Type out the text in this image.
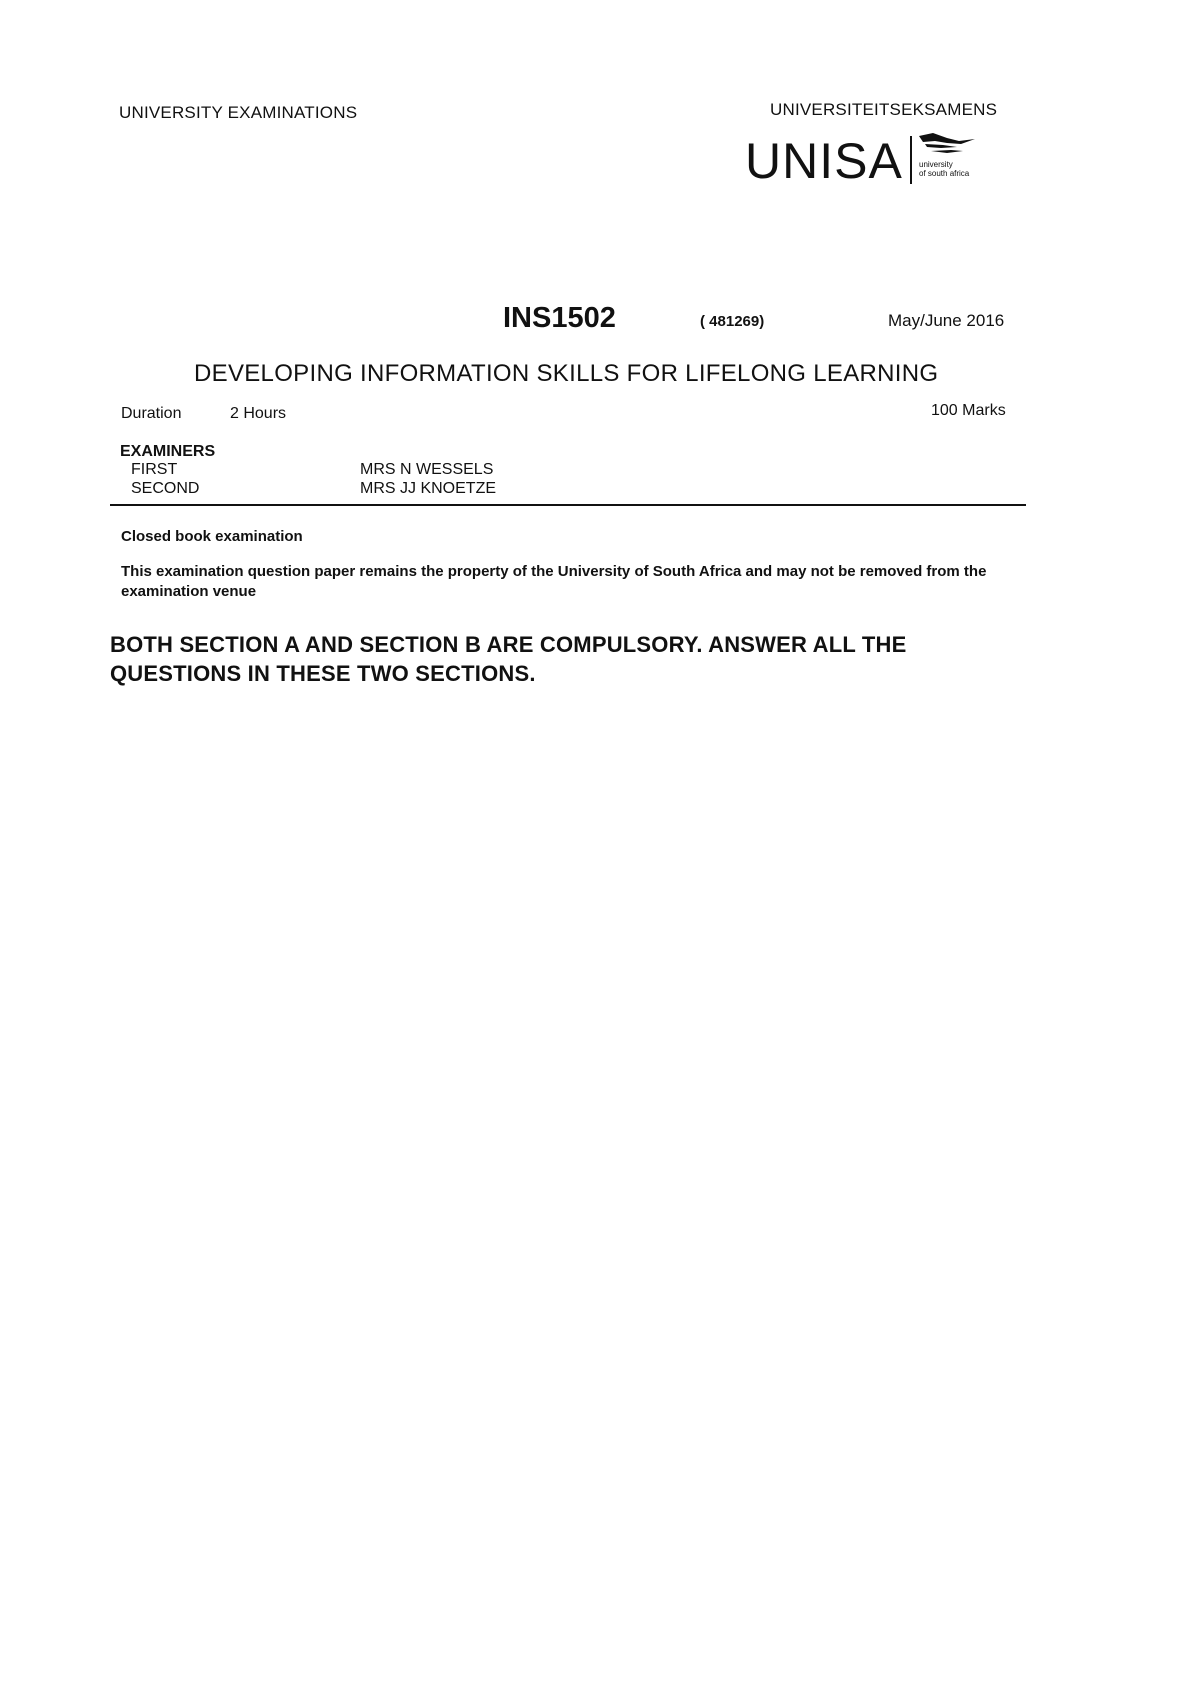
UNIVERSITY EXAMINATIONS	UNIVERSITEITSEKSAMENS
UNISA university
of south africa
INS1502	( 481269)	May/June 2016
DEVELOPING INFORMATION SKILLS FOR LIFELONG LEARNING
Duration	2 Hours	100 Marks
EXAMINERS
FIRST	MRS N WESSELS
SECOND	MRS JJ KNOETZE
Closed book examination
This examination question paper remains the property of the University of South Africa and may not be removed from the examination venue
BOTH SECTION A AND SECTION B ARE COMPULSORY. ANSWER ALL THE QUESTIONS IN THESE TWO SECTIONS.
